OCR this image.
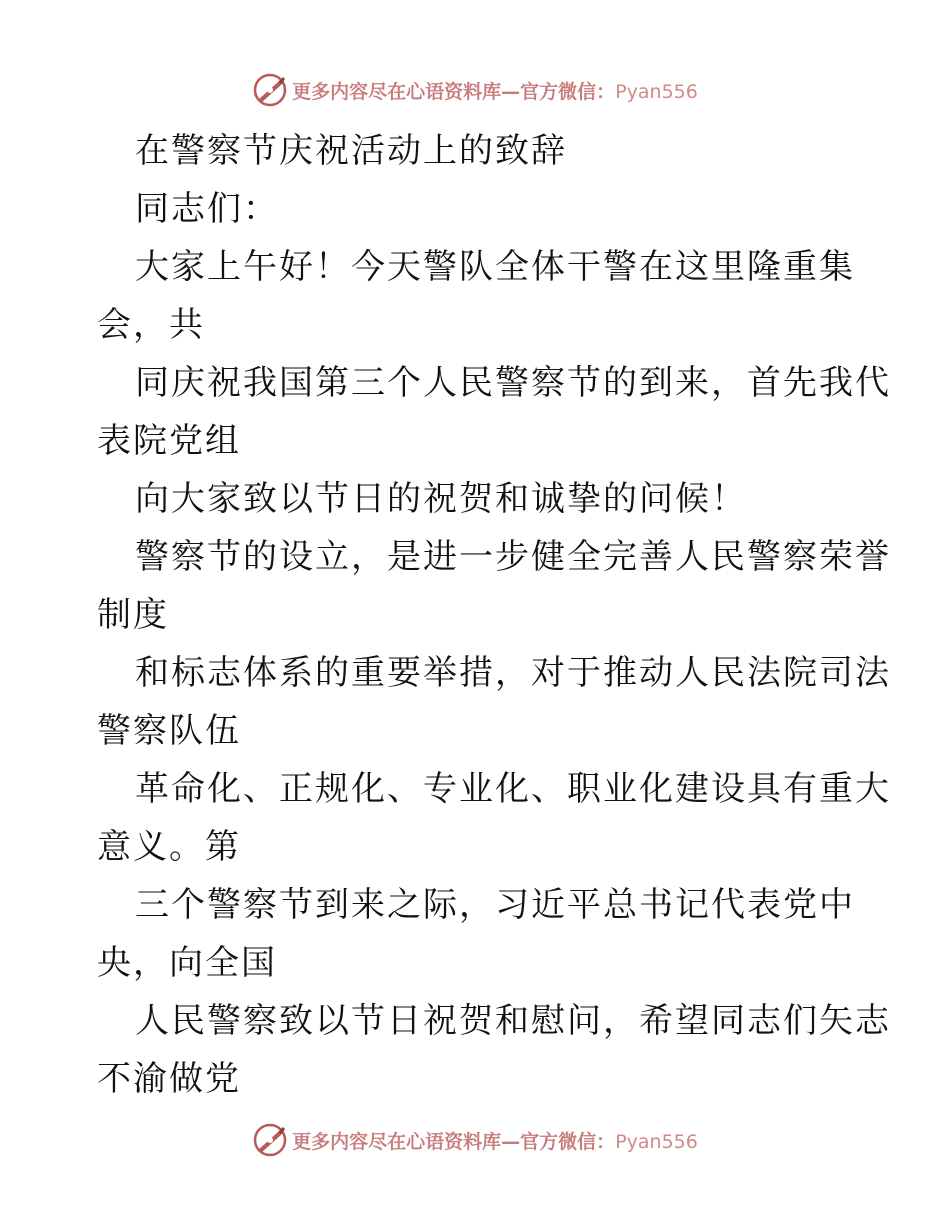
更多内容尽在心语资料库—官方微信：Pyan556
在警察节庆祝活动上的致辞
同志们：
大家上午好！今天警队全体干警在这里隆重集
会，共
同庆祝我国第三个人民警察节的到来，首先我代
表院党组
向大家致以节日的祝贺和诚挚的问候！
警察节的设立，是进一步健全完善人民警察荣誉
制度
和标志体系的重要举措，对于推动人民法院司法
警察队伍
革命化、正规化、专业化、职业化建设具有重大
意义。第
三个警察节到来之际，习近平总书记代表党中
央，向全国
人民警察致以节日祝贺和慰问，希望同志们矢志
不渝做党
更多内容尽在心语资料库—官方微信：Pyan556
